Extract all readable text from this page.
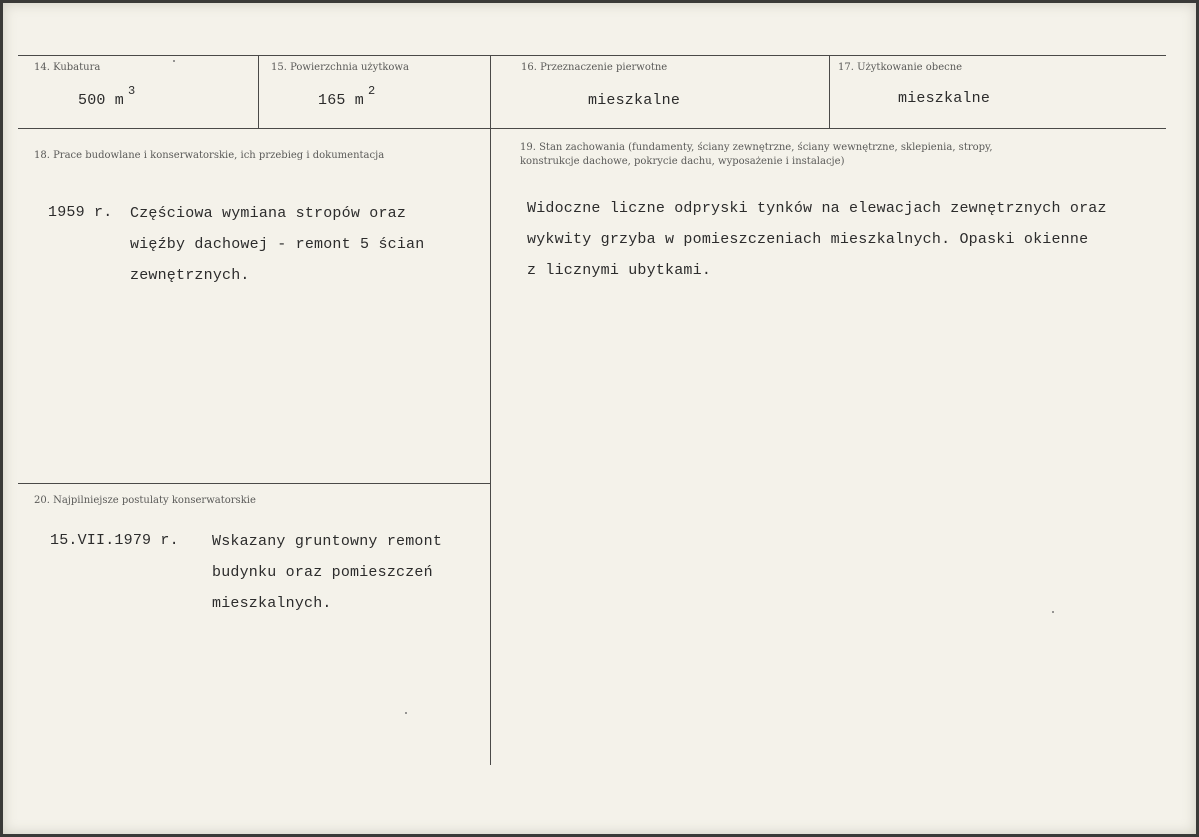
14. Kubatura
500 m
3
15. Powierzchnia użytkowa
165 m
2
16. Przeznaczenie pierwotne
mieszkalne
17. Użytkowanie obecne
mieszkalne
18. Prace budowlane i konserwatorskie, ich przebieg i dokumentacja
1959 r. Częściowa wymiana stropów oraz
więźby dachowej - remont 5 ścian
zewnętrznych.
19. Stan zachowania (fundamenty, ściany zewnętrzne, ściany wewnętrzne, sklepienia, stropy,
konstrukcje dachowe, pokrycie dachu, wyposażenie i instalacje)
Widoczne liczne odpryski tynków na elewacjach zewnętrznych oraz
wykwity grzyba w pomieszczeniach mieszkalnych. Opaski okienne
z licznymi ubytkami.
20. Najpilniejsze postulaty konserwatorskie
15.VII.1979 r. Wskazany gruntowny remont
budynku oraz pomieszczeń
mieszkalnych.
